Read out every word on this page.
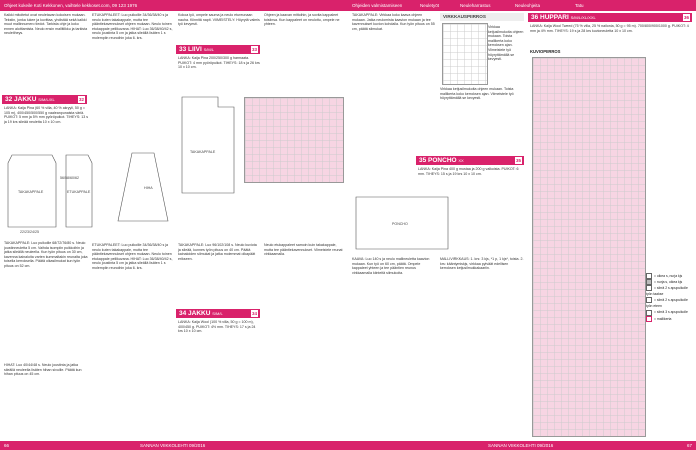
Ohjeet kokeile Koti Kekkonen, vaihtele kekkoset.com, 09 123 1976	Ohjeiden valmistamiseen	Neuletyöt	Neuleharrastus	Neuleohjeita	Tatu

Kaikki mitoitetut ovat neuletavan kokoisen mukaan. Tekstin, jonka lukee ja kuvittaa, yhdistää sekä kaikki muut mallinnumero tiedot. Tarkista ohje ja koko ennen aloittamista. Neulo ensin mallitilkku ja tarkista neuletiheys.

32 JAKKU S/M/L/XL	32

LANKA: Kaija Pina (60 % villa, 40 % akryyli, 50 g = 105 m), 400/450/500/550 g vaaleanpunaista väriä. PUIKOT: 5 mm ja 5½ mm pyöröpuikot. TIHEYS: 13 s ja 19 krs sileää neuletta 10 x 10 cm.

TAKAKAPPALE	ETUKAPPALE
HIHA
22/23/24/25
56/58/60/62

TAKAKAPPALE: Luo puikoille 68/72/76/80 s. Neulo joustinneuletta 5 cm. Vaihda isompiin puikkoihin ja jatka sileällä neuleella. Kun työn pituus on 30 cm, kavenna kainaloita varten kummaltakin reunalta joka toisella kerroksella. Päätä olkasilmukat kun työn pituus on 52 cm.

HIHAT: Luo 40/44/48 s. Neulo joustinta ja jatka sileällä neuleella lisäten hihan sivuille. Päätä kun hihan pituus on 45 cm.

ETUKAPPALEET: Luo puikoille 34/36/38/40 s ja neulo kuten takakappale, mutta tee pääntiekavennukset ohjeen mukaan. Neulo toinen etukappale peilikuvana. HIHAT: Luo 36/38/40/42 s, neulo joustinta 5 cm ja jatka sileällä lisäten 1 s molempiin reunoihin joka 6. krs.

ETUKAPPALEET: Luo puikoille 34/36/38/40 s ja neulo kuten takakappale, mutta tee pääntiekavennukset ohjeen mukaan. Neulo toinen etukappale peilikuvana. HIHAT: Luo 36/38/40/42 s, neulo joustinta 5 cm ja jatka sileällä lisäten 1 s molempiin reunoihin joka 6. krs.

Kokoa työ, ompele sauma ja neulo etureunaan nauha. Kiinnitä napit. VIIMEISTELY: Höyrytä valmis työ kevyesti.

33 LIIVI S/M/L	33

LANKA: Kaija Pina 200/250/300 g harmaata. PUIKOT: 4 mm pyöröpuikot. TIHEYS: 18 s ja 26 krs 10 x 10 cm.

TAKAKAPPALE

TAKAKAPPALE: Luo 96/102/108 s. Neulo kuviota ja sileää, kunnes työn pituus on 40 cm. Päätä kainaloiden silmukat ja jatka molemmat olkapäät erikseen.

34 JAKKU S/M/L	34

LANKA: Kaija Wool (100 % villa, 50 g = 100 m), 400/450 g. PUIKOT: 4½ mm. TIHEYS: 17 s ja 24 krs 10 x 10 cm.

Ohjeen ja kaavan mittoihin, ja sovita kappaleet toisiinsa. Kun kappaleet on neulottu, ompele ne yhteen.

Neulo etukappaleet samoin kuin takakappale, mutta tee pääntiekavennukset. Viimeistele reunat virkkaamalla.

66	SANNAN VIIKKOLEHTI 09/2016

TAKAKAPPALE: Virkkaa koko kaava ohjeen mukaan. Jatka neulomista kaavion mukaan ja tee kavennukset kuvion kohdalla. Kun työn pituus on 55 cm, päätä silmukat.

35 PONCHO XX	35

LANKA: Kaija Pina 400 g mustaa ja 200 g valkoista. PUIKOT: 6 mm. TIHEYS: 15 s ja 19 krs 10 x 10 cm.

PONCHO

KAAVA: Luo 140 s ja neulo mallineuletta kaavion mukaan. Kun työ on 60 cm, päätä. Ompele kappaleet yhteen ja tee pääntien reunus virkkaamalla kiinteitä silmukoita.

VIRKKAUSPIIRROS

Virkkaa ketjusilmukoita ohjeen mukaan. Toista mallikerta koko kerroksen ajan. Viimeistele työ höyryttämällä se kevyesti.

Virkkaa ketjusilmukoita ohjeen mukaan. Toista mallikerta koko kerroksen ajan. Viimeistele työ höyryttämällä se kevyesti.

MALLIVIRKKAUS: 1. krs: 3 kjs, *1 p, 1 kjs*, toista. 2. krs: kääntymiskjs, virkkaa pylväät edellisen kerroksen ketjusilmukkakaariin.

36 HUPPARI S/M/L/XL/XXL	36

LANKA: Kaija Wool Tweed (75 % villa, 25 % nailonia, 50 g = 95 m). 700/800/900/1000 g. PUIKOT: 4 mm ja 4½ mm. TIHEYS: 19 s ja 28 krs kuvioneuletta 10 x 10 cm.

KUVIOPIIRROS
= oikea s, nurja kjs
= nurja s, oikea kjs
= siirrä 2 s apupuikolle työn taakse
= siirrä 2 s apupuikolle työn eteen
= siirrä 3 s apupuikolle
= mallikerta
SANNAN VIIKKOLEHTI 09/2016	67
